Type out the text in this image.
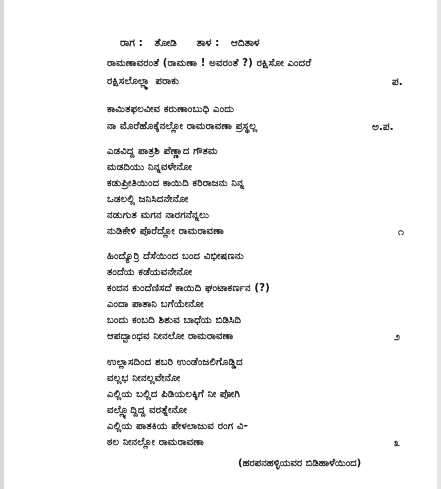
ರಾಗ : ತೋಡಿ ತಾಳ : ಆದಿತಾಳ
ರಾಮಣಾವರಂತೆ (ರಾಮಣಾ ! ಅವರಂತೆ ?) ರಕ್ಷಿಸೋ ಎಂದರೆ
ರಕ್ಷಿಸಲೊಲ್ಲ್ಮಾ ಪರಾಕು	ಪ.
ಕಾಮಿತಫಲವೀವ ಕರುಣಾಂಬುಧಿ ಎಂದು
ನಾ ಮೊರೆಹೊಕ್ಕೆನಲ್ಲೋ ರಾಮರಾವಣಾ ಪ್ರಸ್ಥಲ್ಲ	ಅ.ಪ.
ಎಡವಿದ್ದ ಪಾತ್ರಶಿ ಪೆಣ್ಣಾದ ಗೌತಮ
ಮಡದಿಯು ನಿನ್ನವಳೇನೋ
ಕಡುಪ್ರೀತಿಯಿಂದ ಕಾಯಿದಿ ಕರಿರಾಜನು ನಿನ್ನ
ಒಡಲಲ್ಲಿ ಜನಿಸಿದನೇನೋ
ನಡುಗುತ ಮಗನ ನಾರಗನೆನ್ನಲು
ನುಡಿಕೇಳಿ ಪೊರೆದ್ಲೋ ರಾಮರಾವಣಾ	೧
ಹಿಂದ್ಯೊರ್ರಿ ದೆಸೆಯಿಂದ ಬಂದ ವಿಭೀಷಣನು
ತಂದೆಯ ಕಡೆಯವನೇನೋ
ಕಂದನ ಕುಂದೆಣಿಸದೆ ಕಾಯಿದಿ ಘಂಟಾಕರ್ಣನ (?)
ಎಂದಾ ಪಾತಾನಿ ಬಗೆಯೇನೋ
ಬಂದು ಕಂಬದಿ ಶಿಶುವ ಬಾಧೆಯ ಬಿಡಿಸಿದಿ
ಆಪದ್ಬಾಂಧವ ನೀನಲೋ ರಾಮರಾವಣಾ	೨
ಉಲ್ಲಾಸದಿಂದ ಶಬರಿ ಉಂಡೆಂಜಲಿಗೊಡ್ಡಿದ
ವಲ್ಲಭ ನೀನಲ್ಲವೇನೋ
ಎಲ್ಲಿಯ ಬಲ್ಲಿದ ಪಿಡಿಯಲಕ್ಕಿಗೆ ನೀ ಪೋಗಿ
ವಲ್ಲ್ಯೊದ್ದಿದ್ದ ವರತ್ನೇನೋ
ಎಲ್ಲಿಯ ಪಾತಕಿಯ ಪೇಳಲಾಜುವ ರಂಗ ವಿ-
ಠಲ ನೀನಲ್ಲೋ ರಾಮರಾವಣಾ	೩
(ಹರಪನಹಳ್ಳಿಯವರ ಬಿಡಿಹಾಳೆಯಿಂದ)
